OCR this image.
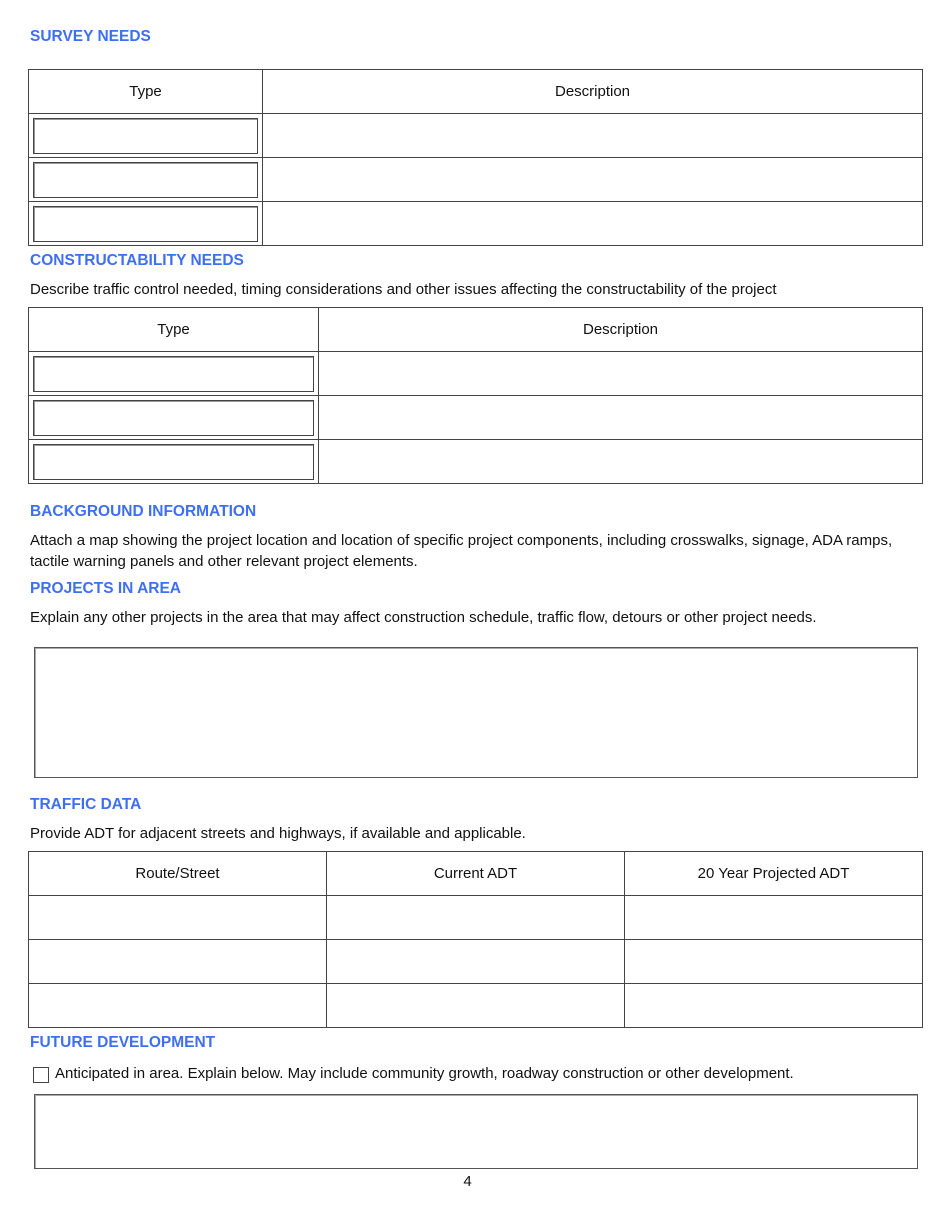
SURVEY NEEDS
Type	Description

CONSTRUCTABILITY NEEDS
Describe traffic control needed, timing considerations and other issues affecting the constructability of the project
Type	Description

BACKGROUND INFORMATION
Attach a map showing the project location and location of specific project components, including crosswalks, signage, ADA ramps, tactile warning panels and other relevant project elements.
PROJECTS IN AREA
Explain any other projects in the area that may affect construction schedule, traffic flow, detours or other project needs.
TRAFFIC DATA
Provide ADT for adjacent streets and highways, if available and applicable.
Route/Street	Current ADT	20 Year Projected ADT

FUTURE DEVELOPMENT
Anticipated in area. Explain below. May include community growth, roadway construction or other development.
4
